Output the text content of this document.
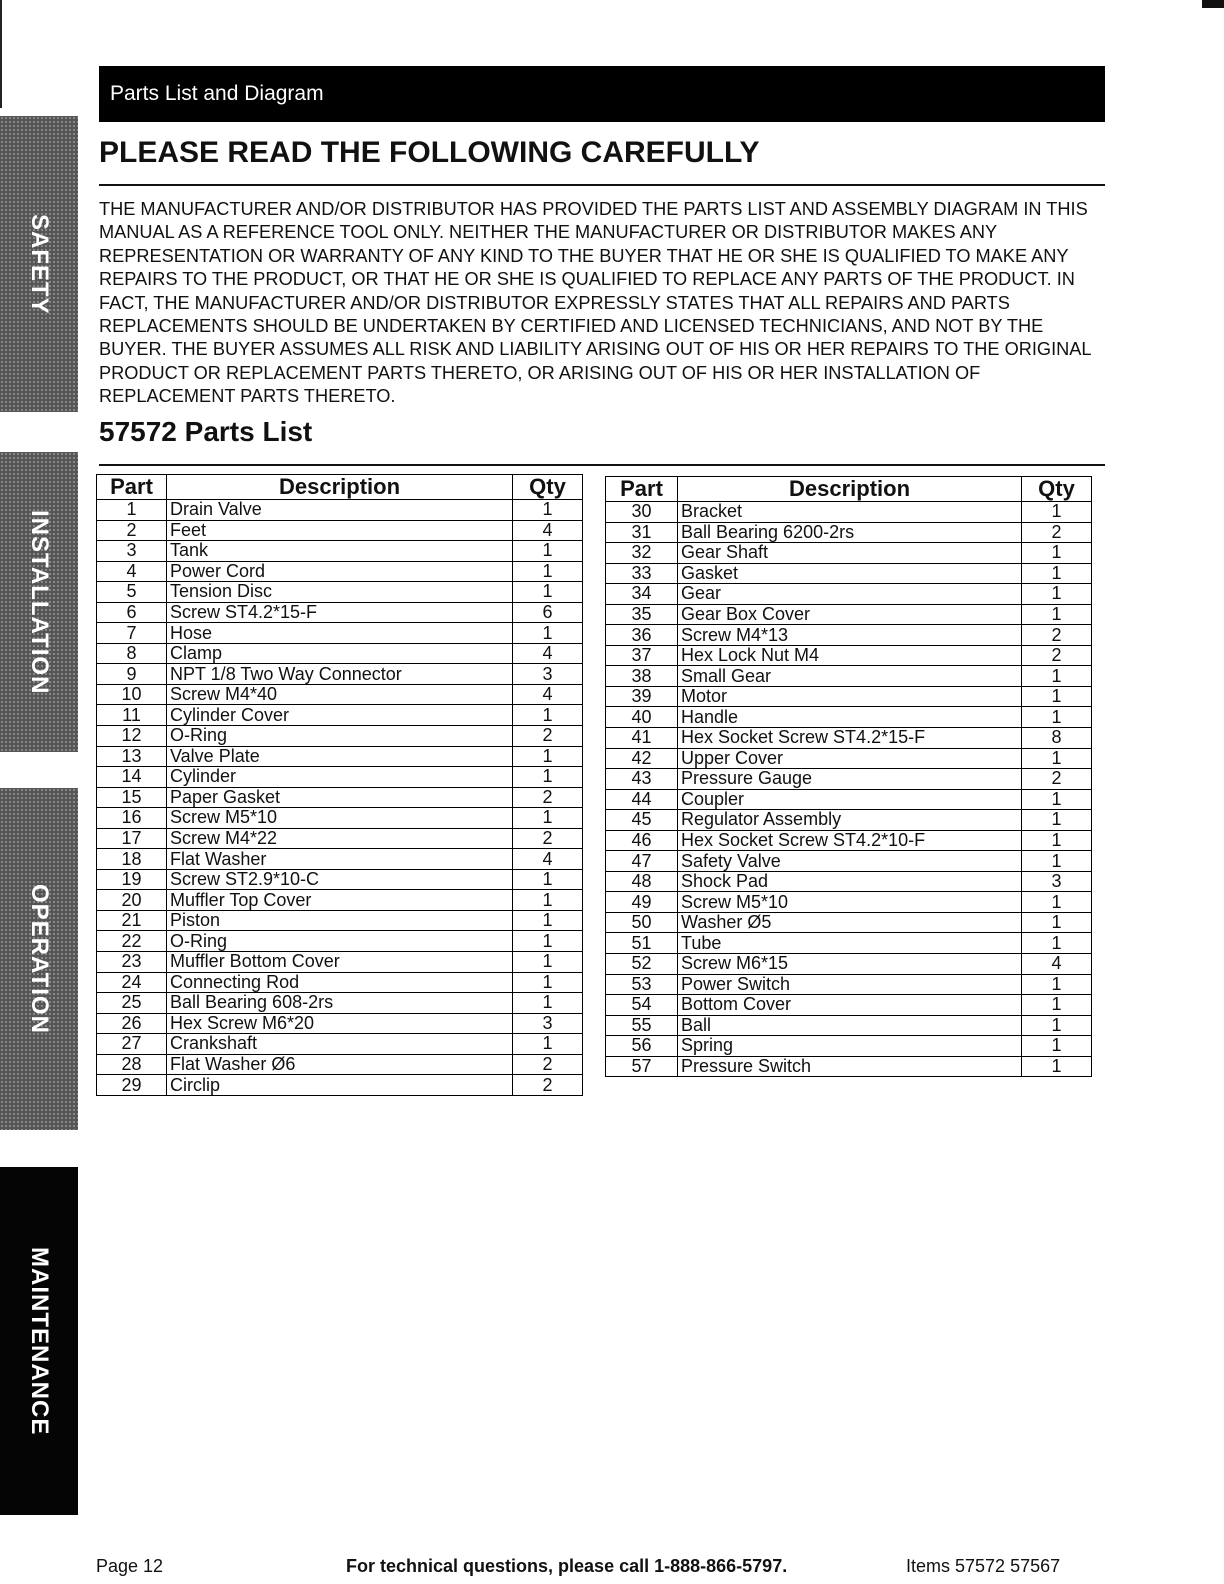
SAFETY
INSTALLATION
OPERATION
MAINTENANCE
Parts List and Diagram
PLEASE READ THE FOLLOWING CAREFULLY

THE MANUFACTURER AND/OR DISTRIBUTOR HAS PROVIDED THE PARTS LIST AND ASSEMBLY DIAGRAM IN THIS MANUAL AS A REFERENCE TOOL ONLY. NEITHER THE MANUFACTURER OR DISTRIBUTOR MAKES ANY REPRESENTATION OR WARRANTY OF ANY KIND TO THE BUYER THAT HE OR SHE IS QUALIFIED TO MAKE ANY REPAIRS TO THE PRODUCT, OR THAT HE OR SHE IS QUALIFIED TO REPLACE ANY PARTS OF THE PRODUCT. IN FACT, THE MANUFACTURER AND/OR DISTRIBUTOR EXPRESSLY STATES THAT ALL REPAIRS AND PARTS REPLACEMENTS SHOULD BE UNDERTAKEN BY CERTIFIED AND LICENSED TECHNICIANS, AND NOT BY THE BUYER. THE BUYER ASSUMES ALL RISK AND LIABILITY ARISING OUT OF HIS OR HER REPAIRS TO THE ORIGINAL PRODUCT OR REPLACEMENT PARTS THERETO, OR ARISING OUT OF HIS OR HER INSTALLATION OF REPLACEMENT PARTS THERETO.

57572 Parts List
Part	Description	Qty
1	Drain Valve	1
2	Feet	4
3	Tank	1
4	Power Cord	1
5	Tension Disc	1
6	Screw ST4.2*15-F	6
7	Hose	1
8	Clamp	4
9	NPT 1/8 Two Way Connector	3
10	Screw M4*40	4
11	Cylinder Cover	1
12	O-Ring	2
13	Valve Plate	1
14	Cylinder	1
15	Paper Gasket	2
16	Screw M5*10	1
17	Screw M4*22	2
18	Flat Washer	4
19	Screw ST2.9*10-C	1
20	Muffler Top Cover	1
21	Piston	1
22	O-Ring	1
23	Muffler Bottom Cover	1
24	Connecting Rod	1
25	Ball Bearing 608-2rs	1
26	Hex Screw M6*20	3
27	Crankshaft	1
28	Flat Washer Ø6	2
29	Circlip	2
Part	Description	Qty
30	Bracket	1
31	Ball Bearing 6200-2rs	2
32	Gear Shaft	1
33	Gasket	1
34	Gear	1
35	Gear Box Cover	1
36	Screw M4*13	2
37	Hex Lock Nut M4	2
38	Small Gear	1
39	Motor	1
40	Handle	1
41	Hex Socket Screw ST4.2*15-F	8
42	Upper Cover	1
43	Pressure Gauge	2
44	Coupler	1
45	Regulator Assembly	1
46	Hex Socket Screw ST4.2*10-F	1
47	Safety Valve	1
48	Shock Pad	3
49	Screw M5*10	1
50	Washer Ø5	1
51	Tube	1
52	Screw M6*15	4
53	Power Switch	1
54	Bottom Cover	1
55	Ball	1
56	Spring	1
57	Pressure Switch	1
Page 12	For technical questions, please call 1-888-866-5797.	Items 57572 57567
